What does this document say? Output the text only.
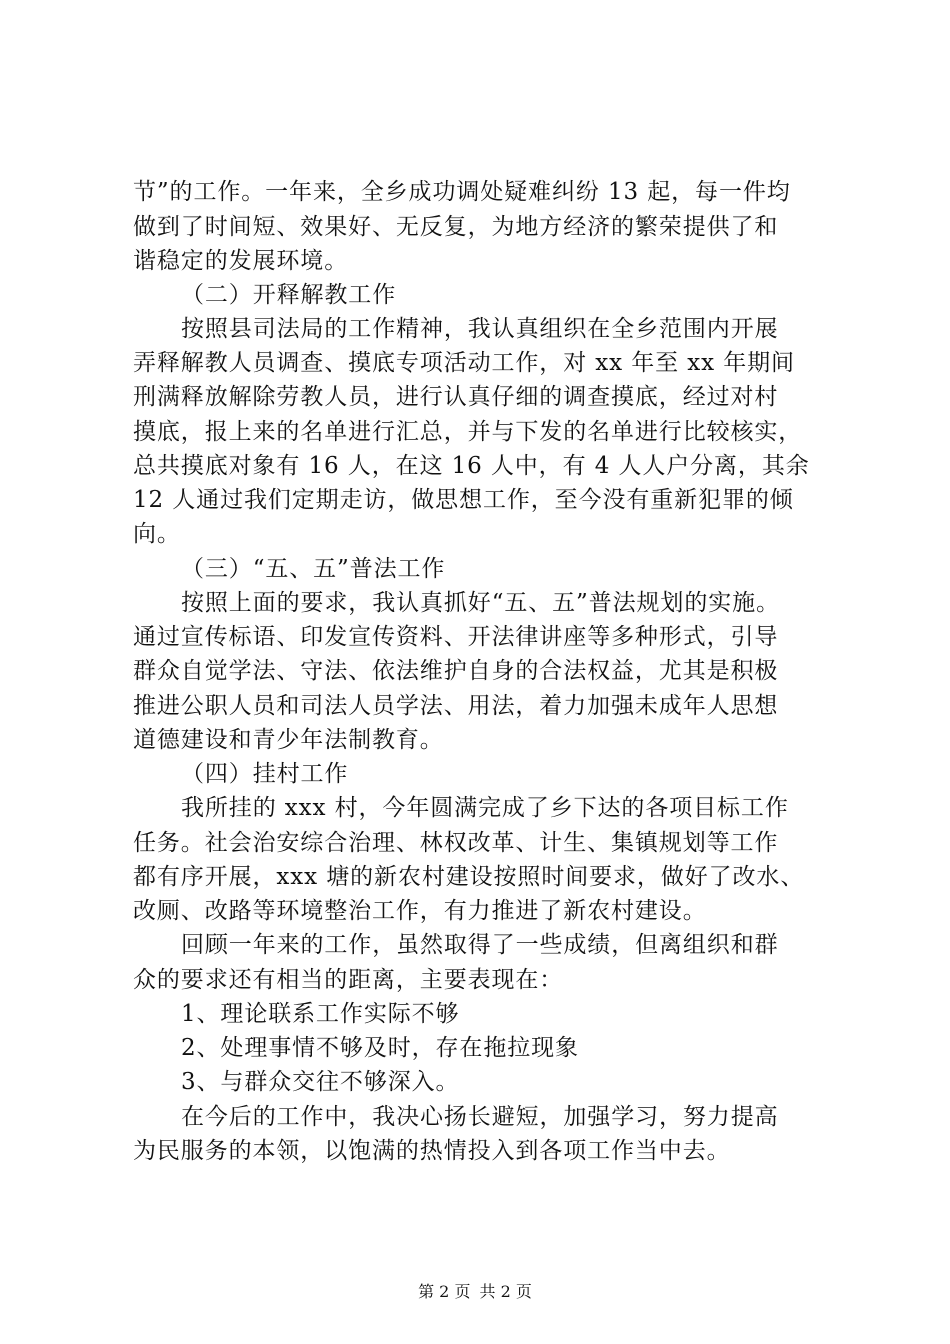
节”的工作。一年来，全乡成功调处疑难纠纷 13 起，每一件均
做到了时间短、效果好、无反复，为地方经济的繁荣提供了和
谐稳定的发展环境。
（二）开释解教工作
按照县司法局的工作精神，我认真组织在全乡范围内开展
弄释解教人员调查、摸底专项活动工作，对 xx 年至 xx 年期间
刑满释放解除劳教人员，进行认真仔细的调查摸底，经过对村
摸底，报上来的名单进行汇总，并与下发的名单进行比较核实，
总共摸底对象有 16 人，在这 16 人中，有 4 人人户分离，其余
12 人通过我们定期走访，做思想工作，至今没有重新犯罪的倾
向。
（三）“五、五”普法工作
按照上面的要求，我认真抓好“五、五”普法规划的实施。
通过宣传标语、印发宣传资料、开法律讲座等多种形式，引导
群众自觉学法、守法、依法维护自身的合法权益，尤其是积极
推进公职人员和司法人员学法、用法，着力加强未成年人思想
道德建设和青少年法制教育。
（四）挂村工作
我所挂的 xxx 村，今年圆满完成了乡下达的各项目标工作
任务。社会治安综合治理、林权改革、计生、集镇规划等工作
都有序开展，xxx 塘的新农村建设按照时间要求，做好了改水、
改厕、改路等环境整治工作，有力推进了新农村建设。
回顾一年来的工作，虽然取得了一些成绩，但离组织和群
众的要求还有相当的距离，主要表现在：
1、理论联系工作实际不够
2、处理事情不够及时，存在拖拉现象
3、与群众交往不够深入。
在今后的工作中，我决心扬长避短，加强学习，努力提高
为民服务的本领，以饱满的热情投入到各项工作当中去。
第 2 页 共 2 页
